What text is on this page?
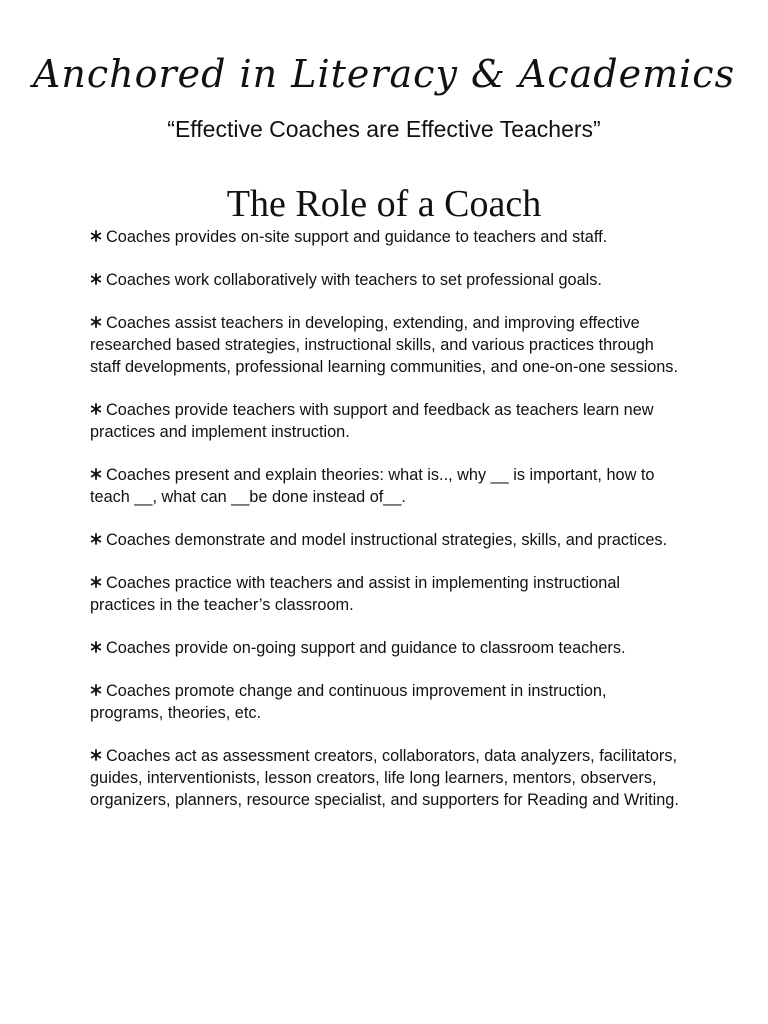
Anchored in Literacy & Academics
“Effective Coaches are Effective Teachers”
The Role of a Coach
Coaches provides on-site support and guidance to teachers and staff.
Coaches work collaboratively with teachers to set professional goals.
Coaches assist teachers in developing, extending, and improving effective researched based strategies, instructional skills, and various practices through staff developments, professional learning communities, and one-on-one sessions.
Coaches provide teachers with support and feedback as teachers learn new practices and implement instruction.
Coaches present and explain theories: what is.., why __ is important, how to teach __, what can __be done instead of__.
Coaches demonstrate and model instructional strategies, skills, and practices.
Coaches practice with teachers and assist in implementing instructional practices in the teacher’s classroom.
Coaches provide on-going support and guidance to classroom teachers.
Coaches promote change and continuous improvement in instruction, programs, theories, etc.
Coaches act as assessment creators, collaborators, data analyzers, facilitators, guides, interventionists, lesson creators, life long learners, mentors, observers, organizers, planners, resource specialist, and supporters for Reading and Writing.
